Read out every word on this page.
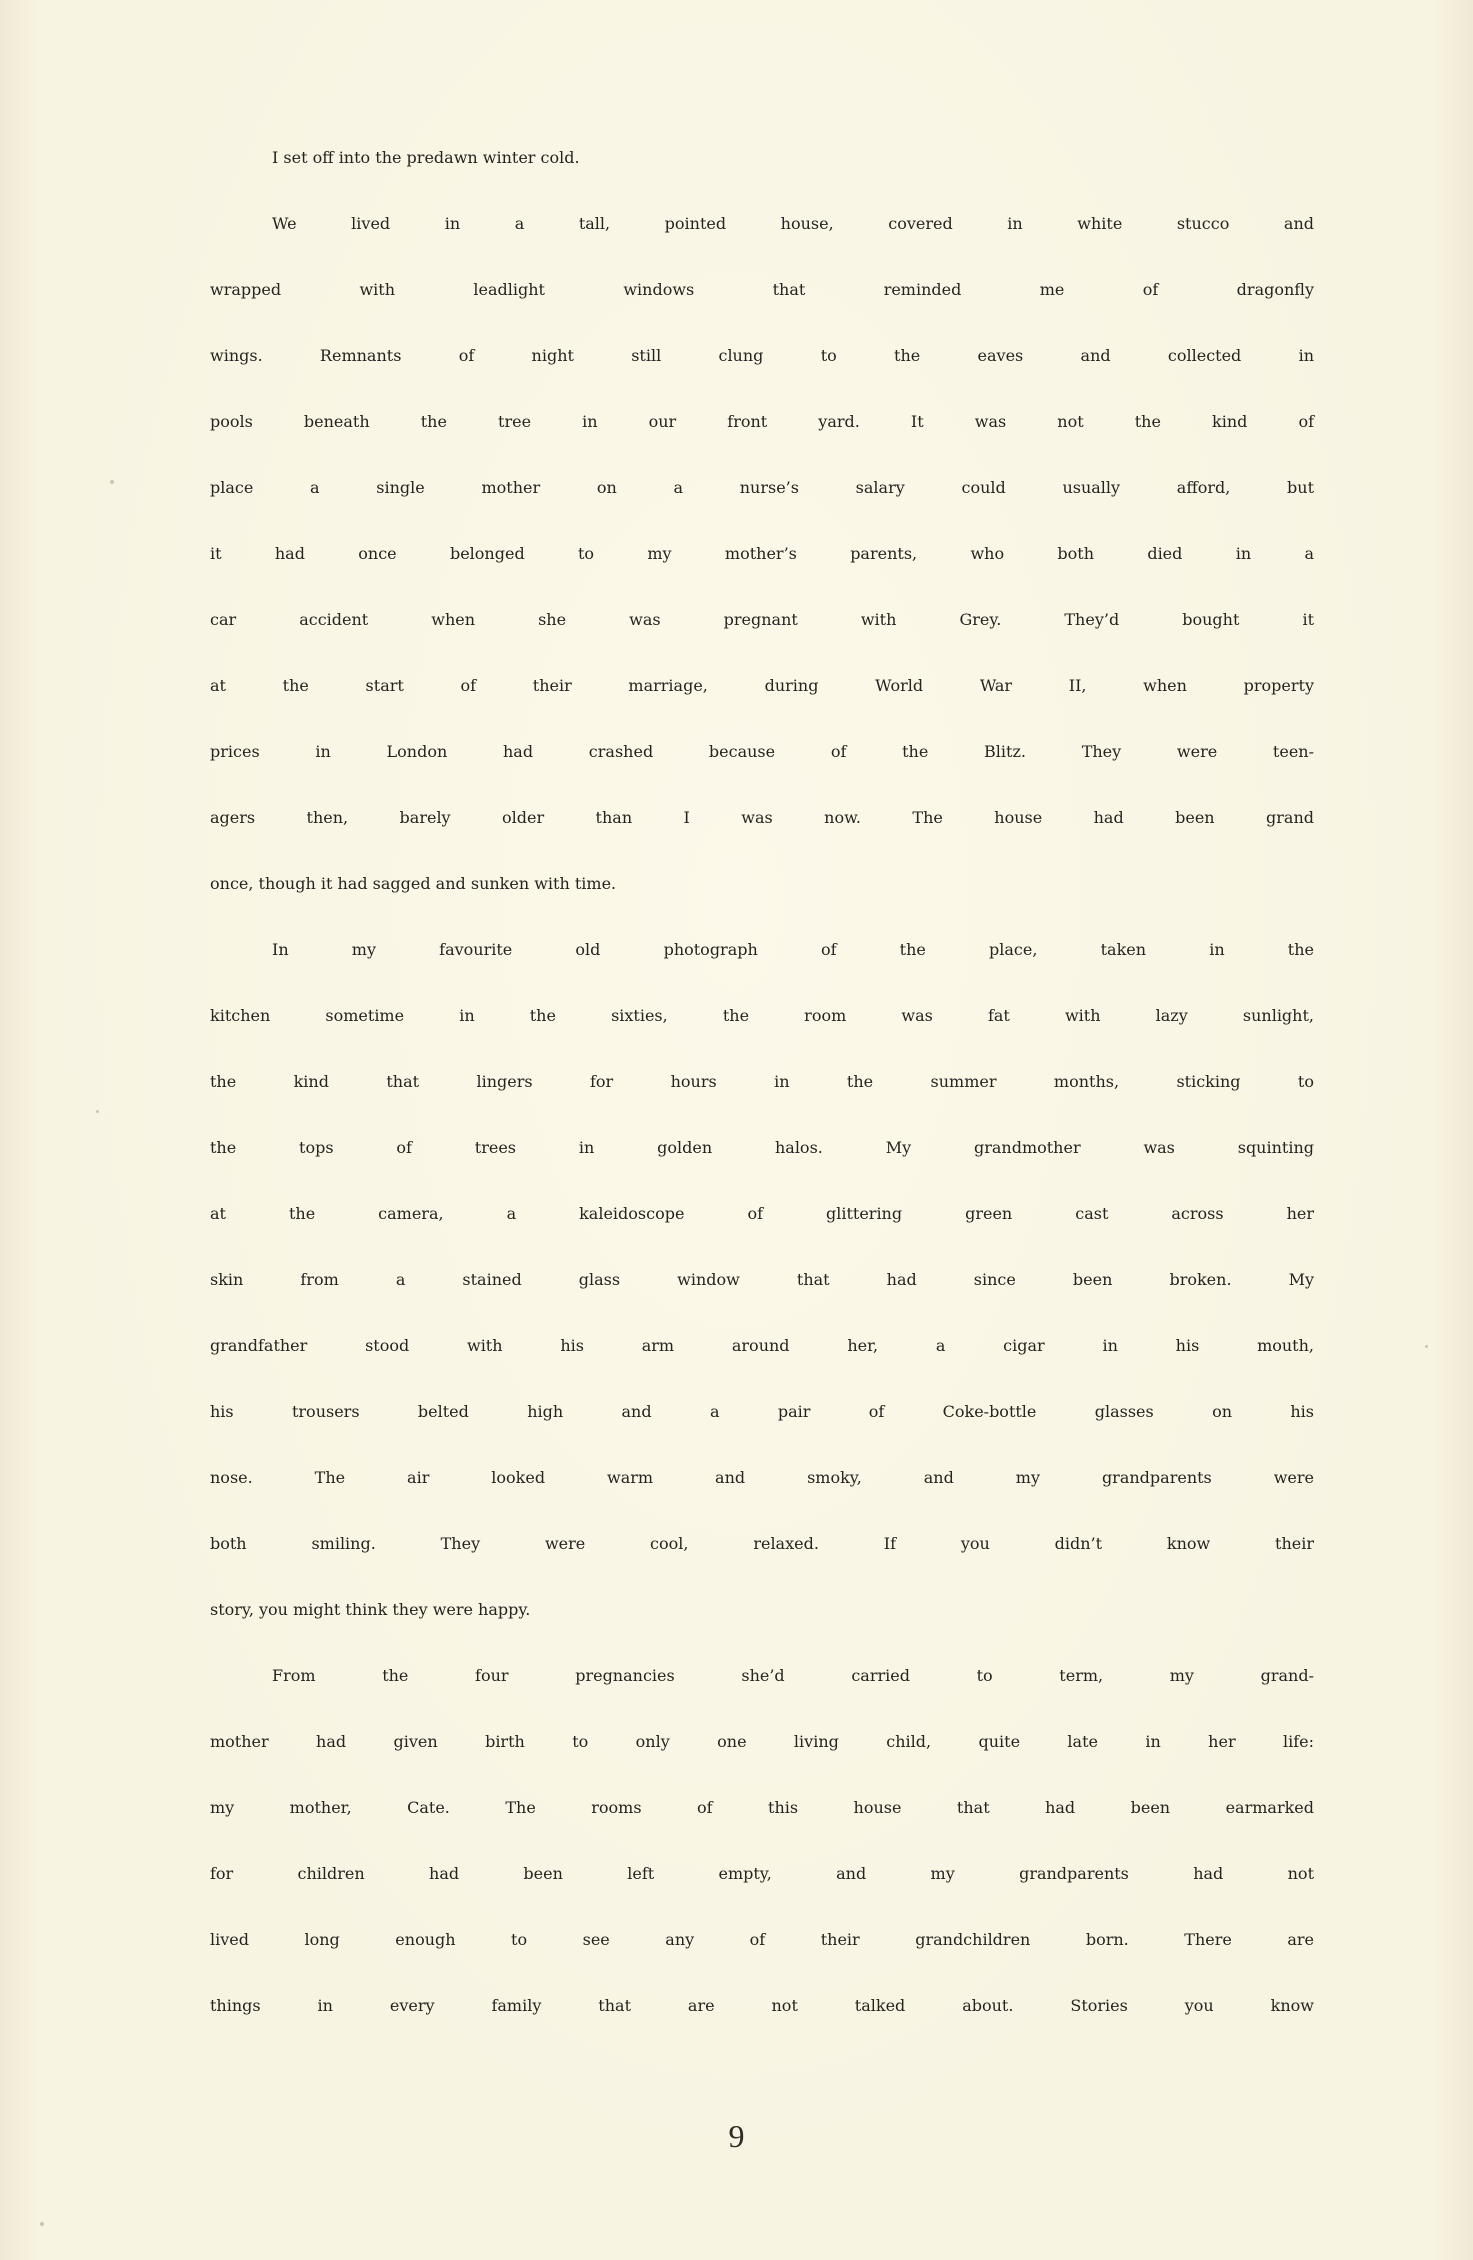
I set off into the predawn winter cold.
We lived in a tall, pointed house, covered in white stucco and
wrapped with leadlight windows that reminded me of dragonfly
wings. Remnants of night still clung to the eaves and collected in
pools beneath the tree in our front yard. It was not the kind of
place a single mother on a nurse’s salary could usually afford, but
it had once belonged to my mother’s parents, who both died in a
car accident when she was pregnant with Grey. They’d bought it
at the start of their marriage, during World War II, when property
prices in London had crashed because of the Blitz. They were teen-
agers then, barely older than I was now. The house had been grand
once, though it had sagged and sunken with time.
In my favourite old photograph of the place, taken in the
kitchen sometime in the sixties, the room was fat with lazy sunlight,
the kind that lingers for hours in the summer months, sticking to
the tops of trees in golden halos. My grandmother was squinting
at the camera, a kaleidoscope of glittering green cast across her
skin from a stained glass window that had since been broken. My
grandfather stood with his arm around her, a cigar in his mouth,
his trousers belted high and a pair of Coke-bottle glasses on his
nose. The air looked warm and smoky, and my grandparents were
both smiling. They were cool, relaxed. If you didn’t know their
story, you might think they were happy.
From the four pregnancies she’d carried to term, my grand-
mother had given birth to only one living child, quite late in her life:
my mother, Cate. The rooms of this house that had been earmarked
for children had been left empty, and my grandparents had not
lived long enough to see any of their grandchildren born. There are
things in every family that are not talked about. Stories you know
9
